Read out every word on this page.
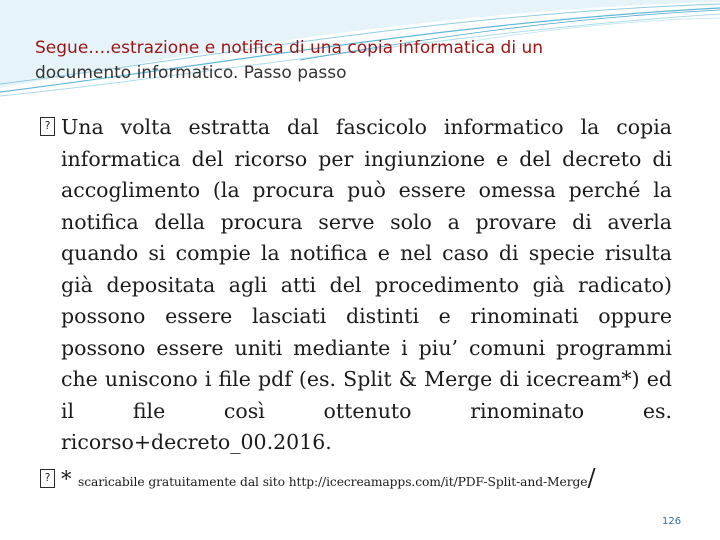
Segue….estrazione e notifica di una copia informatica di un
documento informatico. Passo passo

? Una volta estratta dal fascicolo informatico la copia informatica del ricorso per ingiunzione e del decreto di accoglimento (la procura può essere omessa perché la notifica della procura serve solo a provare di averla quando si compie la notifica e nel caso di specie risulta già depositata agli atti del procedimento già radicato) possono essere lasciati distinti e rinominati oppure possono essere uniti mediante i piu’ comuni programmi che uniscono i file pdf (es. Split & Merge di icecream*) ed il file così ottenuto rinominato es. ricorso+decreto_00.2016.

? * scaricabile gratuitamente dal sito http://icecreamapps.com/it/PDF-Split-and-Merge/
126
